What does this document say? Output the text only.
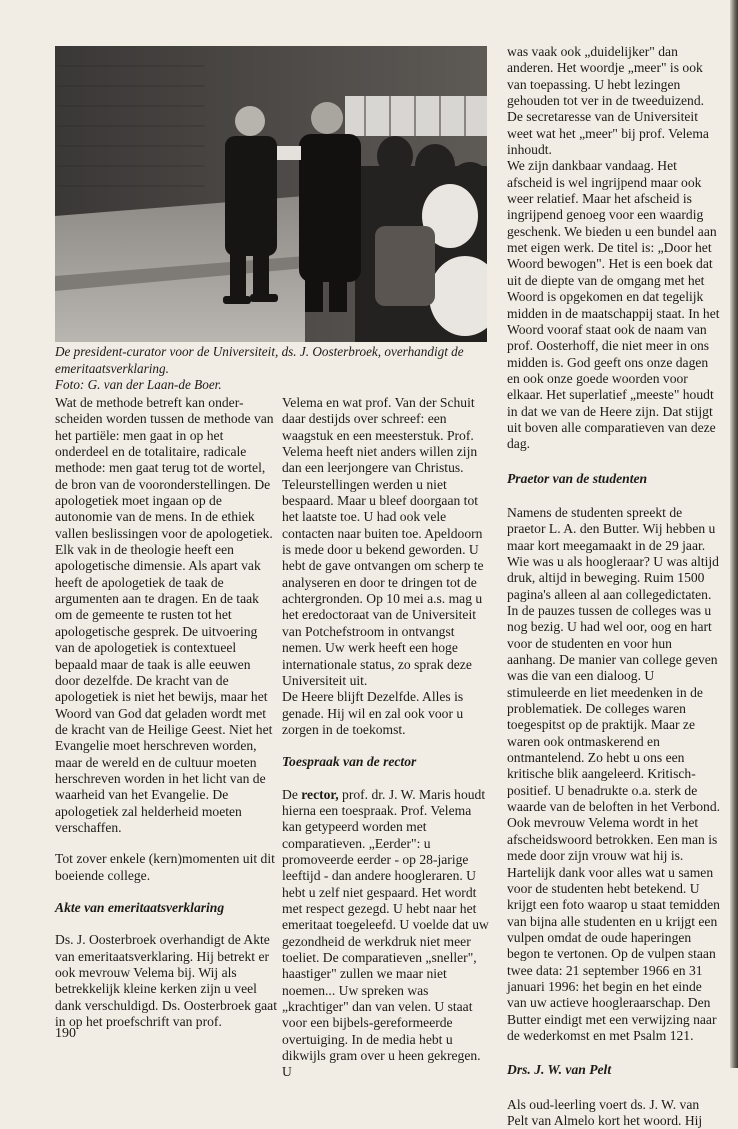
De president-curator voor de Universiteit, ds. J. Oosterbroek, overhandigt de emeritaatsverklaring.

Foto: G. van der Laan-de Boer.

Wat de methode betreft kan onder-scheiden worden tussen de methode van het partiële: men gaat in op het onderdeel en de totalitaire, radicale methode: men gaat terug tot de wortel, de bron van de vooronderstellingen. De apologetiek moet ingaan op de autonomie van de mens. In de ethiek vallen beslissingen voor de apologetiek. Elk vak in de theologie heeft een apologetische dimensie. Als apart vak heeft de apologetiek de taak de argumenten aan te dragen. En de taak om de gemeente te rusten tot het apologetische gesprek. De uitvoering van de apologetiek is contextueel bepaald maar de taak is alle eeuwen door dezelfde. De kracht van de apologetiek is niet het bewijs, maar het Woord van God dat geladen wordt met de kracht van de Heilige Geest. Niet het Evangelie moet herschreven worden, maar de wereld en de cultuur moeten herschreven worden in het licht van de waarheid van het Evangelie. De apologetiek zal helderheid moeten verschaffen.

Tot zover enkele (kern)momenten uit dit boeiende college.

Akte van emeritaatsverklaring

Ds. J. Oosterbroek overhandigt de Akte van emeritaatsverklaring. Hij betrekt er ook mevrouw Velema bij. Wij als betrekkelijk kleine kerken zijn u veel dank verschuldigd. Ds. Oosterbroek gaat in op het proefschrift van prof.

Velema en wat prof. Van der Schuit daar destijds over schreef: een waagstuk en een meesterstuk. Prof. Velema heeft niet anders willen zijn dan een leerjongere van Christus. Teleurstellingen werden u niet bespaard. Maar u bleef doorgaan tot het laatste toe. U had ook vele contacten naar buiten toe. Apeldoorn is mede door u bekend geworden. U hebt de gave ontvangen om scherp te analyseren en door te dringen tot de achtergronden. Op 10 mei a.s. mag u het eredoctoraat van de Universiteit van Potchefstroom in ontvangst nemen. Uw werk heeft een hoge internationale status, zo sprak deze Universiteit uit.

De Heere blijft Dezelfde. Alles is genade. Hij wil en zal ook voor u zorgen in de toekomst.

Toespraak van de rector

De rector, prof. dr. J. W. Maris houdt hierna een toespraak. Prof. Velema kan getypeerd worden met comparatieven. „Eerder": u promoveerde eerder - op 28-jarige leeftijd - dan andere hoogleraren. U hebt u zelf niet gespaard. Het wordt met respect gezegd. U hebt naar het emeritaat toegeleefd. U voelde dat uw gezondheid de werkdruk niet meer toeliet. De comparatieven „sneller", haastiger" zullen we maar niet noemen... Uw spreken was „krachtiger" dan van velen. U staat voor een bijbels-gereformeerde overtuiging. In de media hebt u dikwijls gram over u heen gekregen. U

was vaak ook „duidelijker" dan anderen. Het woordje „meer" is ook van toepassing. U hebt lezingen gehouden tot ver in de tweeduizend. De secretaresse van de Universiteit weet wat het „meer" bij prof. Velema inhoudt.

We zijn dankbaar vandaag. Het afscheid is wel ingrijpend maar ook weer relatief. Maar het afscheid is ingrijpend genoeg voor een waardig geschenk. We bieden u een bundel aan met eigen werk. De titel is: „Door het Woord bewogen". Het is een boek dat uit de diepte van de omgang met het Woord is opgekomen en dat tegelijk midden in de maatschappij staat. In het Woord vooraf staat ook de naam van prof. Oosterhoff, die niet meer in ons midden is. God geeft ons onze dagen en ook onze goede woorden voor elkaar. Het superlatief „meeste" houdt in dat we van de Heere zijn. Dat stijgt uit boven alle comparatieven van deze dag.

Praetor van de studenten

Namens de studenten spreekt de praetor L. A. den Butter. Wij hebben u maar kort meegamaakt in de 29 jaar. Wie was u als hoogleraar? U was altijd druk, altijd in beweging. Ruim 1500 pagina's alleen al aan collegedictaten. In de pauzes tussen de colleges was u nog bezig. U had wel oor, oog en hart voor de studenten en voor hun aanhang. De manier van college geven was die van een dialoog. U stimuleerde en liet meedenken in de problematiek. De colleges waren toegespitst op de praktijk. Maar ze waren ook ontmaskerend en ontmantelend. Zo hebt u ons een kritische blik aangeleerd. Kritisch-positief. U benadrukte o.a. sterk de waarde van de beloften in het Verbond. Ook mevrouw Velema wordt in het afscheidswoord betrokken. Een man is mede door zijn vrouw wat hij is. Hartelijk dank voor alles wat u samen voor de studenten hebt betekend. U krijgt een foto waarop u staat temidden van bijna alle studenten en u krijgt een vulpen omdat de oude haperingen begon te vertonen. Op de vulpen staan twee data: 21 september 1966 en 31 januari 1996: het begin en het einde van uw actieve hoogleraarschap. Den Butter eindigt met een verwijzing naar de wederkomst en met Psalm 121.

Drs. J. W. van Pelt

Als oud-leerling voert ds. J. W. van Pelt van Almelo kort het woord. Hij

190
